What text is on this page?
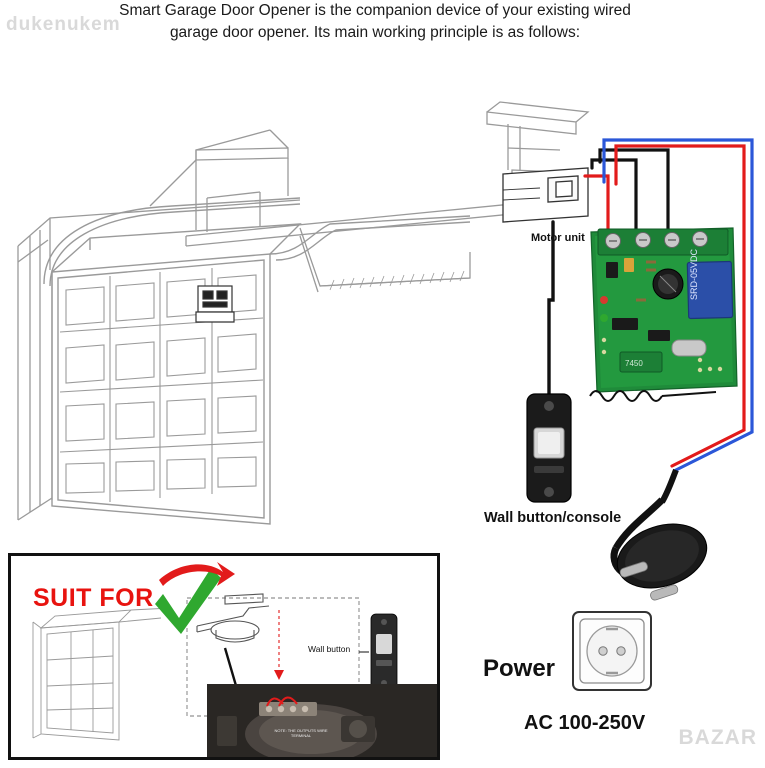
Smart Garage Door Opener is the companion device of your existing wired garage door opener. Its main working principle is as follows:
dukenukem
BAZAR
SRD-05VDC
7450
Motor unit
Wall button/console
Power
AC 100-250V
SUIT FOR
Wall button
NOTE: THE OUTPUTS WIRE TERMINAL
